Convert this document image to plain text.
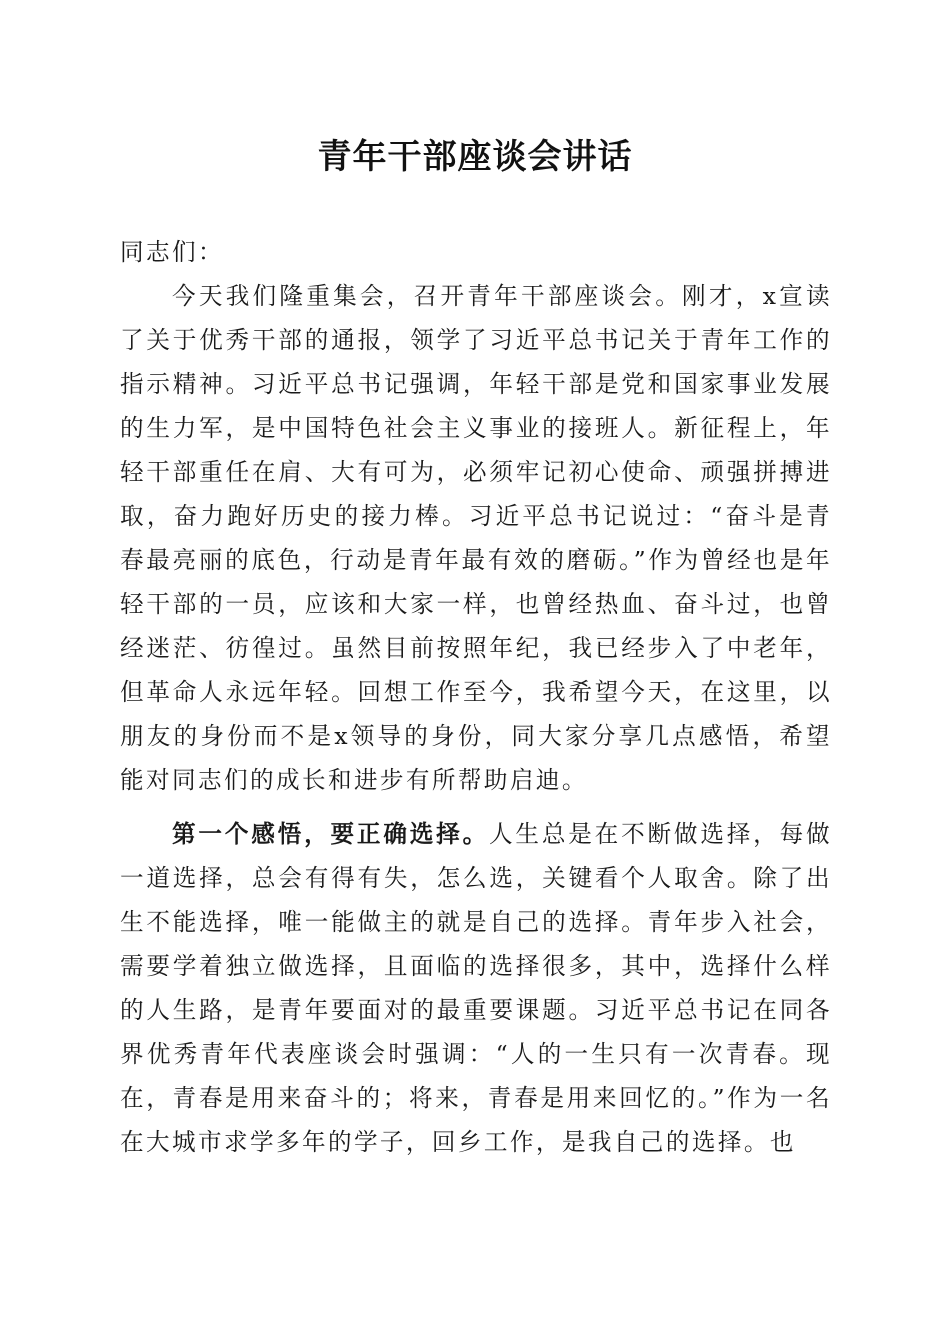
青年干部座谈会讲话

同志们：

今天我们隆重集会，召开青年干部座谈会。刚才，x宣读了关于优秀干部的通报，领学了习近平总书记关于青年工作的指示精神。习近平总书记强调，年轻干部是党和国家事业发展的生力军，是中国特色社会主义事业的接班人。新征程上，年轻干部重任在肩、大有可为，必须牢记初心使命、顽强拼搏进取，奋力跑好历史的接力棒。习近平总书记说过：“奋斗是青春最亮丽的底色，行动是青年最有效的磨砺。”作为曾经也是年轻干部的一员，应该和大家一样，也曾经热血、奋斗过，也曾经迷茫、彷徨过。虽然目前按照年纪，我已经步入了中老年，但革命人永远年轻。回想工作至今，我希望今天，在这里，以朋友的身份而不是x领导的身份，同大家分享几点感悟，希望能对同志们的成长和进步有所帮助启迪。

第一个感悟，要正确选择。人生总是在不断做选择，每做一道选择，总会有得有失，怎么选，关键看个人取舍。除了出生不能选择，唯一能做主的就是自己的选择。青年步入社会，需要学着独立做选择，且面临的选择很多，其中，选择什么样的人生路，是青年要面对的最重要课题。习近平总书记在同各界优秀青年代表座谈会时强调：“人的一生只有一次青春。现在，青春是用来奋斗的；将来，青春是用来回忆的。”作为一名在大城市求学多年的学子，回乡工作，是我自己的选择。也
